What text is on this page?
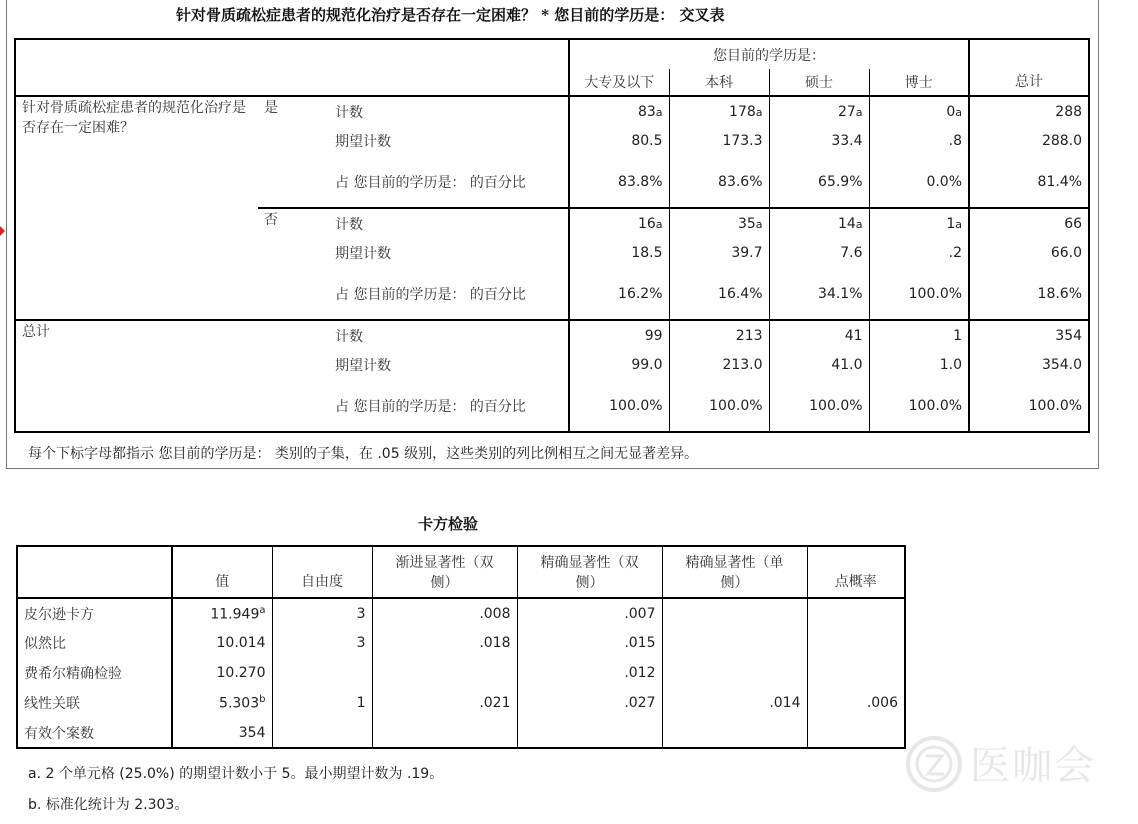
针对骨质疏松症患者的规范化治疗是否存在一定困难？ * 您目前的学历是： 交叉表
			您目前的学历是：				总计
			大专及以下	本科	硕士	博士	
针对骨质疏松症患者的规范化治疗是否存在一定困难？	是	计数	83a	178a	27a	0a	288
		期望计数	80.5	173.3	33.4	.8	288.0
		占 您目前的学历是： 的百分比	83.8%	83.6%	65.9%	0.0%	81.4%
	否	计数	16a	35a	14a	1a	66
		期望计数	18.5	39.7	7.6	.2	66.0
		占 您目前的学历是： 的百分比	16.2%	16.4%	34.1%	100.0%	18.6%
总计		计数	99	213	41	1	354
		期望计数	99.0	213.0	41.0	1.0	354.0
		占 您目前的学历是： 的百分比	100.0%	100.0%	100.0%	100.0%	100.0%
每个下标字母都指示 您目前的学历是： 类别的子集，在 .05 级别，这些类别的列比例相互之间无显著差异。
卡方检验
	值	自由度	渐进显著性（双侧）	精确显著性（双侧）	精确显著性（单侧）	点概率
皮尔逊卡方	11.949$^a$	3	.008	.007		
似然比	10.014	3	.018	.015		
费希尔精确检验	10.270			.012		
线性关联	5.303$^b$	1	.021	.027	.014	.006
有效个案数	354					
a. 2 个单元格 (25.0%) 的期望计数小于 5。最小期望计数为 .19。
b. 标准化统计为 2.303。
医咖会
